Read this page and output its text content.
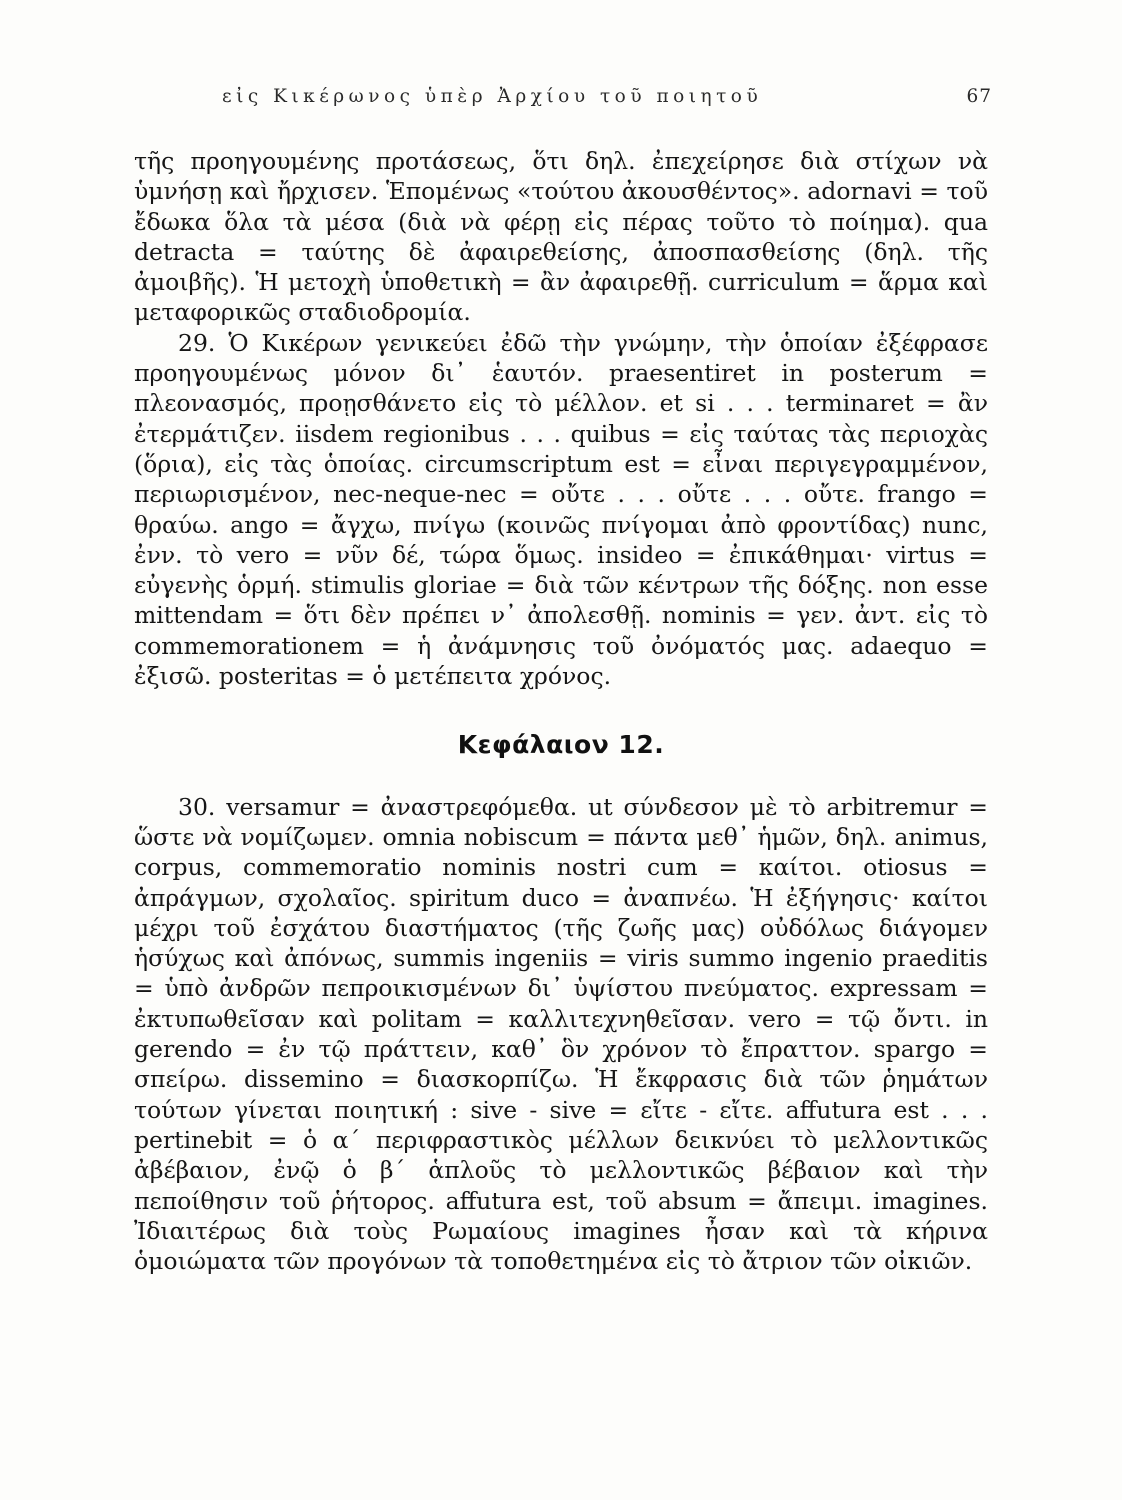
εἰς Κικέρωνος ὑπὲρ Ἀρχίου τοῦ ποιητοῦ	67

τῆς προηγουμένης προτάσεως, ὅτι δηλ. ἐπεχείρησε διὰ στίχων νὰ ὑμνήσῃ καὶ ἤρχισεν. Ἑπομένως «τούτου ἀκουσθέντος». adornavi = τοῦ ἔδωκα ὅλα τὰ μέσα (διὰ νὰ φέρῃ εἰς πέρας τοῦτο τὸ ποίημα). qua detracta = ταύτης δὲ ἀφαιρεθείσης, ἀποσπασθείσης (δηλ. τῆς ἀμοιβῆς). Ἡ μετοχὴ ὑποθετικὴ = ἂν ἀφαιρεθῇ. curriculum = ἅρμα καὶ μεταφορικῶς σταδιοδρομία.

29. Ὁ Κικέρων γενικεύει ἐδῶ τὴν γνώμην, τὴν ὁποίαν ἐξέφρασε προηγουμένως μόνον δι᾽ ἑαυτόν. praesentiret in posterum = πλεονασμός, προῃσθάνετο εἰς τὸ μέλλον. et si . . . terminaret = ἂν ἐτερμάτιζεν. iisdem regionibus . . . quibus = εἰς ταύτας τὰς περιοχὰς (ὅρια), εἰς τὰς ὁποίας. circumscriptum est = εἶναι περιγεγραμμένον, περιωρισμένον, nec-neque-nec = οὔτε . . . οὔτε . . . οὔτε. frango = θραύω. ango = ἄγχω, πνίγω (κοινῶς πνίγομαι ἀπὸ φροντίδας) nunc, ἐνν. τὸ vero = νῦν δέ, τώρα ὅμως. insideo = ἐπικάθημαι· virtus = εὐγενὴς ὁρμή. stimulis gloriae = διὰ τῶν κέντρων τῆς δόξης. non esse mittendam = ὅτι δὲν πρέπει ν᾽ ἀπολεσθῇ. nominis = γεν. ἀντ. εἰς τὸ commemorationem = ἡ ἀνάμνησις τοῦ ὀνόματός μας. adaequo = ἐξισῶ. posteritas = ὁ μετέπειτα χρόνος.

Κεφάλαιον 12.

30. versamur = ἀναστρεφόμεθα. ut σύνδεσον μὲ τὸ arbitremur = ὥστε νὰ νομίζωμεν. omnia nobiscum = πάντα μεθ᾽ ἡμῶν, δηλ. animus, corpus, commemoratio nominis nostri cum = καίτοι. otiosus = ἀπράγμων, σχολαῖος. spiritum duco = ἀναπνέω. Ἡ ἐξήγησις· καίτοι μέχρι τοῦ ἐσχάτου διαστήματος (τῆς ζωῆς μας) οὐδόλως διάγομεν ἡσύχως καὶ ἀπόνως, summis ingeniis = viris summo ingenio praeditis = ὑπὸ ἀνδρῶν πεπροικισμένων δι᾽ ὑψίστου πνεύματος. expressam = ἐκτυπωθεῖσαν καὶ politam = καλλιτεχνηθεῖσαν. vero = τῷ ὄντι. in gerendo = ἐν τῷ πράττειν, καθ᾽ ὃν χρόνον τὸ ἔπραττον. spargo = σπείρω. dissemino = διασκορπίζω. Ἡ ἔκφρασις διὰ τῶν ῥημάτων τούτων γίνεται ποιητική : sive - sive = εἴτε - εἴτε. affutura est . . . pertinebit = ὁ α´ περιφραστικὸς μέλλων δεικνύει τὸ μελλοντικῶς ἀβέβαιον, ἐνῷ ὁ β´ ἁπλοῦς τὸ μελλοντικῶς βέβαιον καὶ τὴν πεποίθησιν τοῦ ῥήτορος. affutura est, τοῦ absum = ἄπειμι. imagines. Ἰδιαιτέρως διὰ τοὺς Ρωμαίους imagines ἦσαν καὶ τὰ κήρινα ὁμοιώματα τῶν προγόνων τὰ τοποθετημένα εἰς τὸ ἄτριον τῶν οἰκιῶν.
